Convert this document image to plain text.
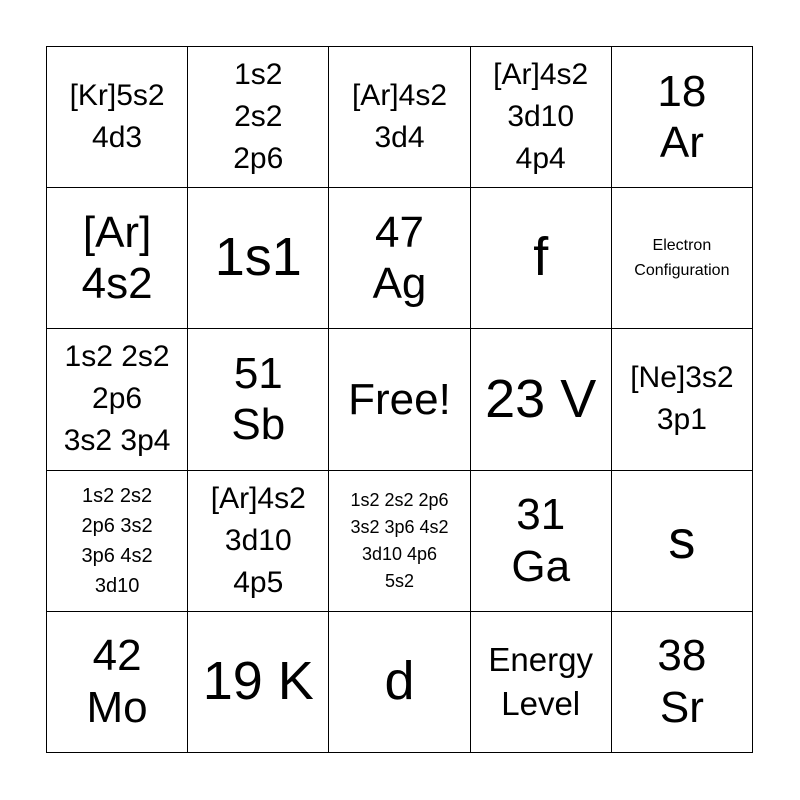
[Kr]5s2
4d3
1s2
2s2
2p6
[Ar]4s2
3d4
[Ar]4s2
3d10
4p4
18
Ar
[Ar]
4s2 1s1 47
Ag f	Electron
Configuration
1s2 2s2
2p6
3s2 3p4
51
Sb
Free! 23 V [Ne]3s2
3p1
1s2 2s2
2p6 3s2
3p6 4s2
3d10
[Ar]4s2
3d10
4p5
1s2 2s2 2p6
3s2 3p6 4s2
3d10 4p6
5s2
31
Ga s
42
Mo 19 K d Energy
Level
38
Sr
